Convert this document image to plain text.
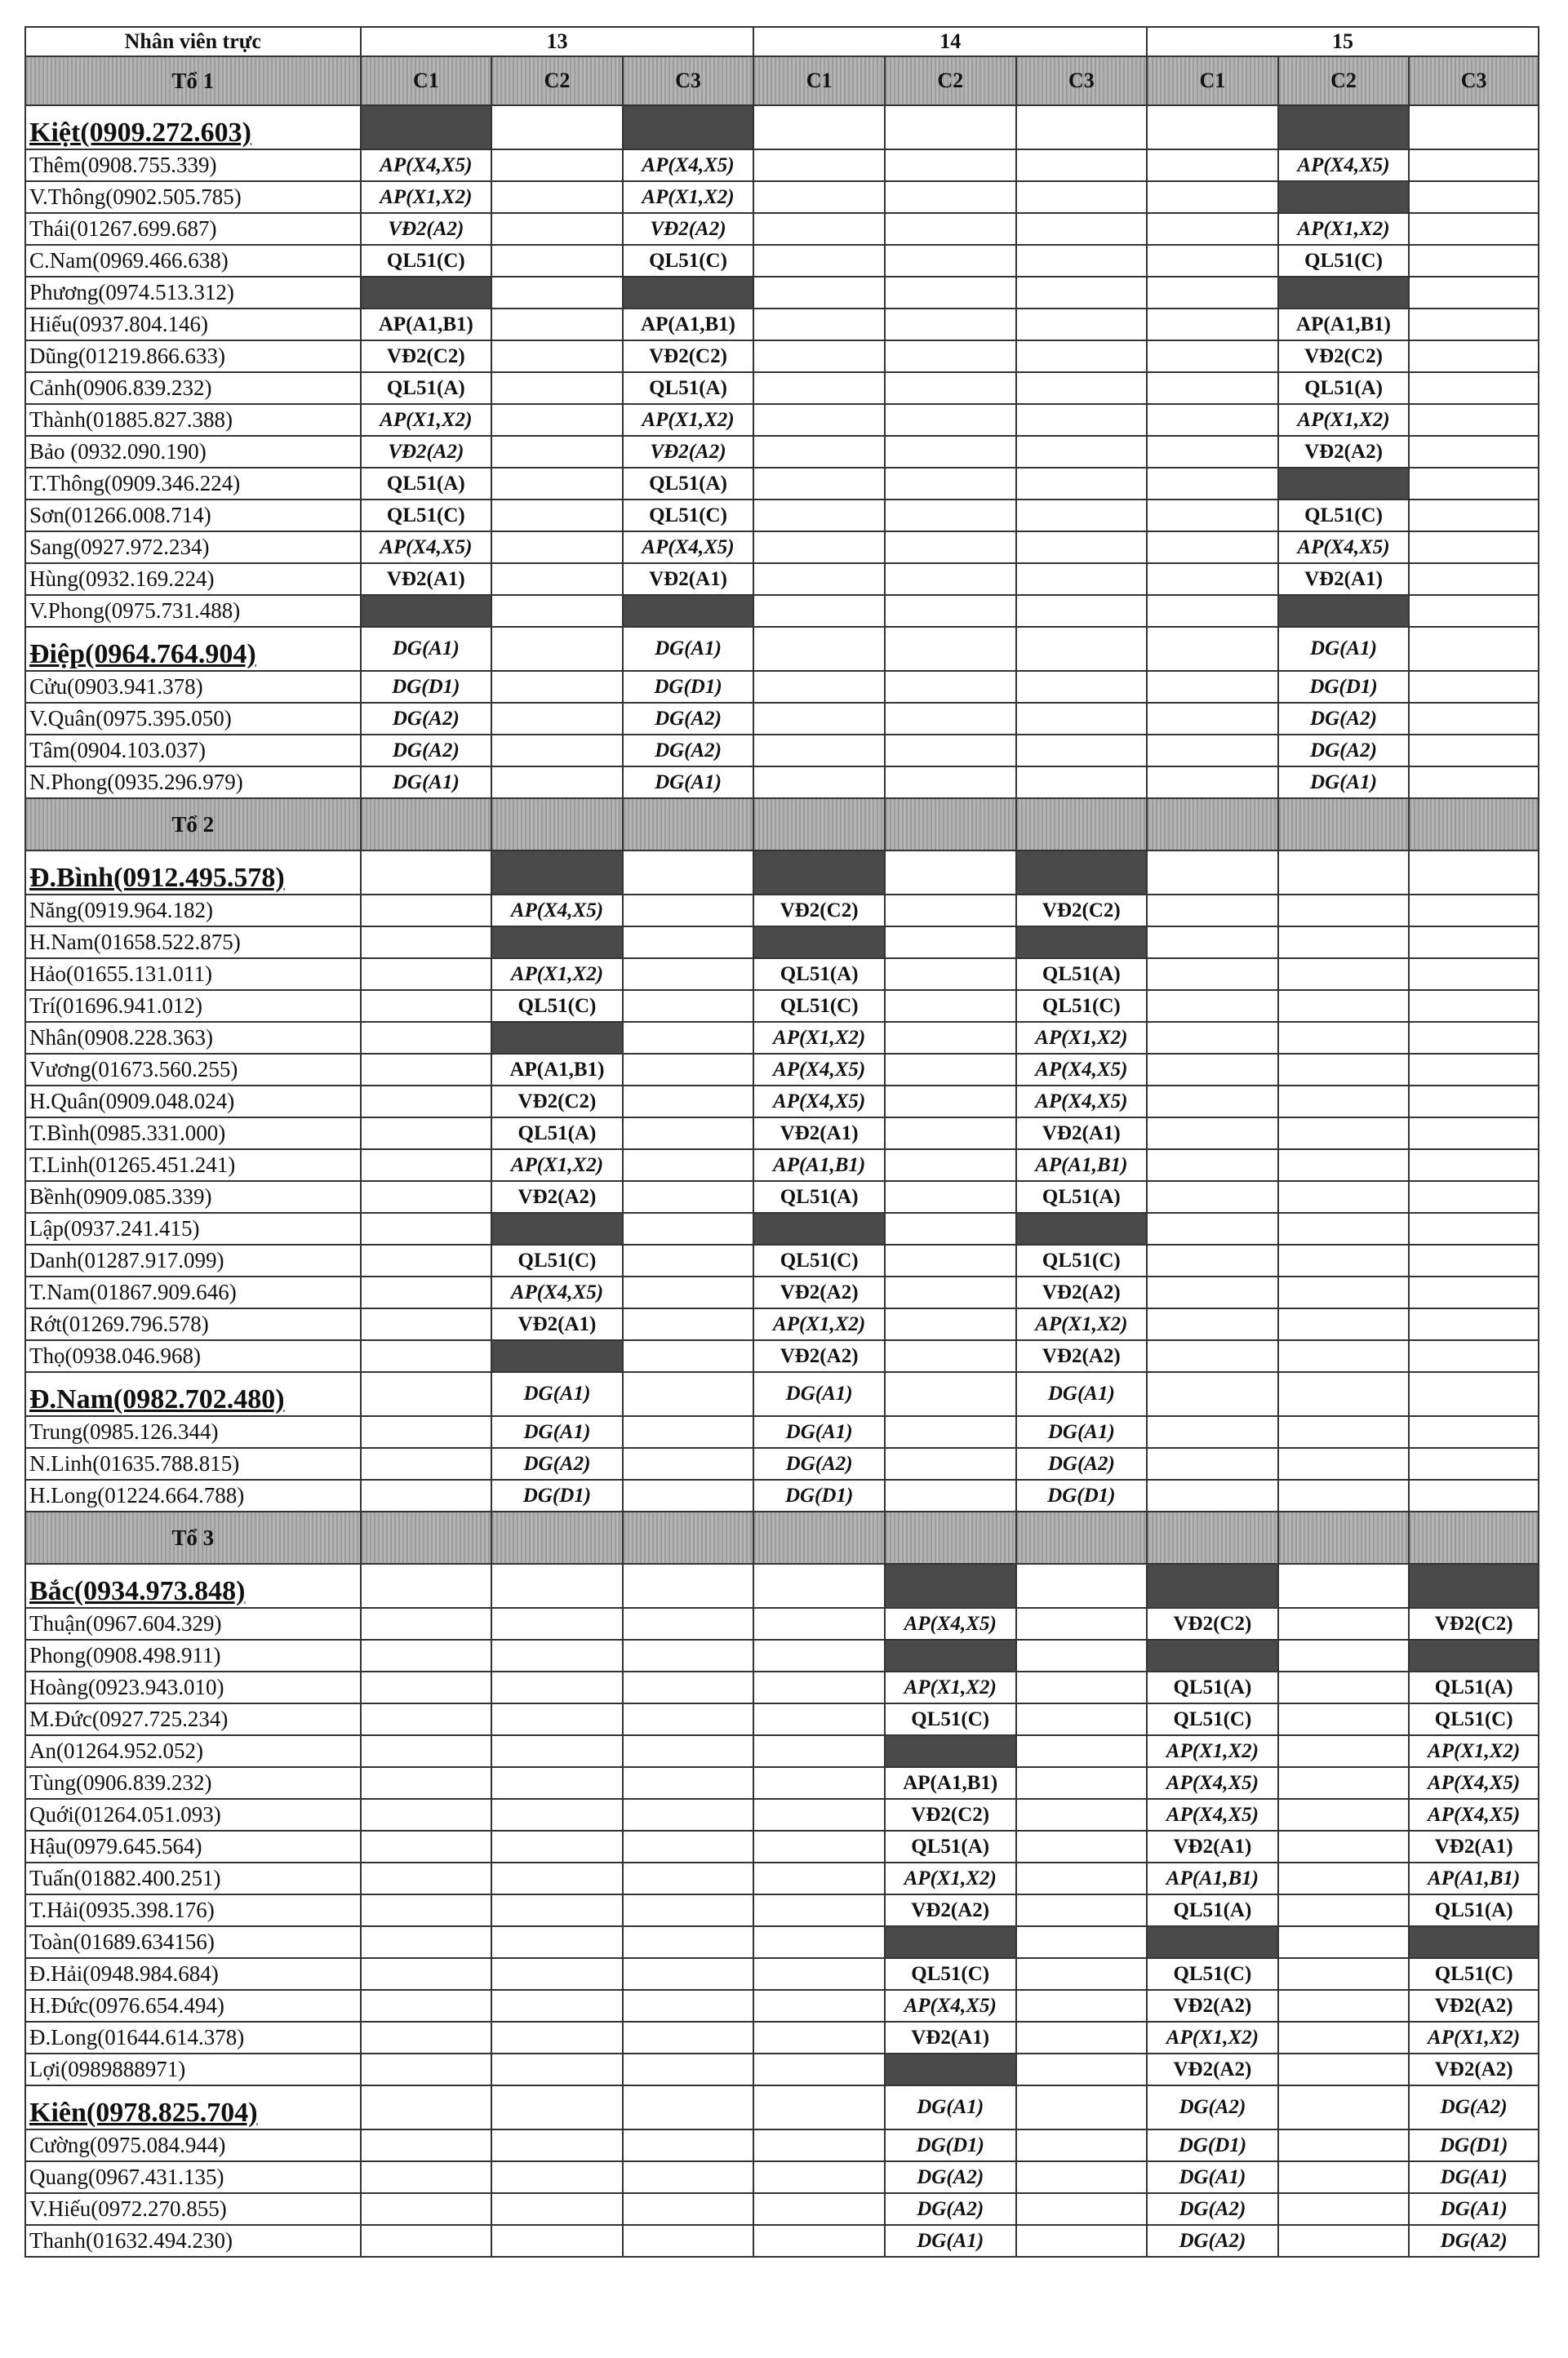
Nhân viên trực	13			14			15		
Tổ 1	C1	C2	C3	C1	C2	C3	C1	C2	C3
Kiệt(0909.272.603)									
Thêm(0908.755.339)	AP(X4,X5)		AP(X4,X5)					AP(X4,X5)	
V.Thông(0902.505.785)	AP(X1,X2)		AP(X1,X2)						
Thái(01267.699.687)	VĐ2(A2)		VĐ2(A2)					AP(X1,X2)	
C.Nam(0969.466.638)	QL51(C)		QL51(C)					QL51(C)	
Phương(0974.513.312)									
Hiếu(0937.804.146)	AP(A1,B1)		AP(A1,B1)					AP(A1,B1)	
Dũng(01219.866.633)	VĐ2(C2)		VĐ2(C2)					VĐ2(C2)	
Cảnh(0906.839.232)	QL51(A)		QL51(A)					QL51(A)	
Thành(01885.827.388)	AP(X1,X2)		AP(X1,X2)					AP(X1,X2)	
Bảo (0932.090.190)	VĐ2(A2)		VĐ2(A2)					VĐ2(A2)	
T.Thông(0909.346.224)	QL51(A)		QL51(A)						
Sơn(01266.008.714)	QL51(C)		QL51(C)					QL51(C)	
Sang(0927.972.234)	AP(X4,X5)		AP(X4,X5)					AP(X4,X5)	
Hùng(0932.169.224)	VĐ2(A1)		VĐ2(A1)					VĐ2(A1)	
V.Phong(0975.731.488)									
Điệp(0964.764.904)	DG(A1)		DG(A1)					DG(A1)	
Cửu(0903.941.378)	DG(D1)		DG(D1)					DG(D1)	
V.Quân(0975.395.050)	DG(A2)		DG(A2)					DG(A2)	
Tâm(0904.103.037)	DG(A2)		DG(A2)					DG(A2)	
N.Phong(0935.296.979)	DG(A1)		DG(A1)					DG(A1)	
Tổ 2									
Đ.Bình(0912.495.578)									
Năng(0919.964.182)		AP(X4,X5)		VĐ2(C2)		VĐ2(C2)			
H.Nam(01658.522.875)									
Hảo(01655.131.011)		AP(X1,X2)		QL51(A)		QL51(A)			
Trí(01696.941.012)		QL51(C)		QL51(C)		QL51(C)			
Nhân(0908.228.363)				AP(X1,X2)		AP(X1,X2)			
Vương(01673.560.255)		AP(A1,B1)		AP(X4,X5)		AP(X4,X5)			
H.Quân(0909.048.024)		VĐ2(C2)		AP(X4,X5)		AP(X4,X5)			
T.Bình(0985.331.000)		QL51(A)		VĐ2(A1)		VĐ2(A1)			
T.Linh(01265.451.241)		AP(X1,X2)		AP(A1,B1)		AP(A1,B1)			
Bềnh(0909.085.339)		VĐ2(A2)		QL51(A)		QL51(A)			
Lập(0937.241.415)									
Danh(01287.917.099)		QL51(C)		QL51(C)		QL51(C)			
T.Nam(01867.909.646)		AP(X4,X5)		VĐ2(A2)		VĐ2(A2)			
Rớt(01269.796.578)		VĐ2(A1)		AP(X1,X2)		AP(X1,X2)			
Thọ(0938.046.968)				VĐ2(A2)		VĐ2(A2)			
Đ.Nam(0982.702.480)		DG(A1)		DG(A1)		DG(A1)			
Trung(0985.126.344)		DG(A1)		DG(A1)		DG(A1)			
N.Linh(01635.788.815)		DG(A2)		DG(A2)		DG(A2)			
H.Long(01224.664.788)		DG(D1)		DG(D1)		DG(D1)			
Tổ 3									
Bắc(0934.973.848)									
Thuận(0967.604.329)					AP(X4,X5)		VĐ2(C2)		VĐ2(C2)
Phong(0908.498.911)									
Hoàng(0923.943.010)					AP(X1,X2)		QL51(A)		QL51(A)
M.Đức(0927.725.234)					QL51(C)		QL51(C)		QL51(C)
An(01264.952.052)							AP(X1,X2)		AP(X1,X2)
Tùng(0906.839.232)					AP(A1,B1)		AP(X4,X5)		AP(X4,X5)
Quới(01264.051.093)					VĐ2(C2)		AP(X4,X5)		AP(X4,X5)
Hậu(0979.645.564)					QL51(A)		VĐ2(A1)		VĐ2(A1)
Tuấn(01882.400.251)					AP(X1,X2)		AP(A1,B1)		AP(A1,B1)
T.Hải(0935.398.176)					VĐ2(A2)		QL51(A)		QL51(A)
Toàn(01689.634156)									
Đ.Hải(0948.984.684)					QL51(C)		QL51(C)		QL51(C)
H.Đức(0976.654.494)					AP(X4,X5)		VĐ2(A2)		VĐ2(A2)
Đ.Long(01644.614.378)					VĐ2(A1)		AP(X1,X2)		AP(X1,X2)
Lợi(0989888971)							VĐ2(A2)		VĐ2(A2)
Kiên(0978.825.704)					DG(A1)		DG(A2)		DG(A2)
Cường(0975.084.944)					DG(D1)		DG(D1)		DG(D1)
Quang(0967.431.135)					DG(A2)		DG(A1)		DG(A1)
V.Hiếu(0972.270.855)					DG(A2)		DG(A2)		DG(A1)
Thanh(01632.494.230)					DG(A1)		DG(A2)		DG(A2)
